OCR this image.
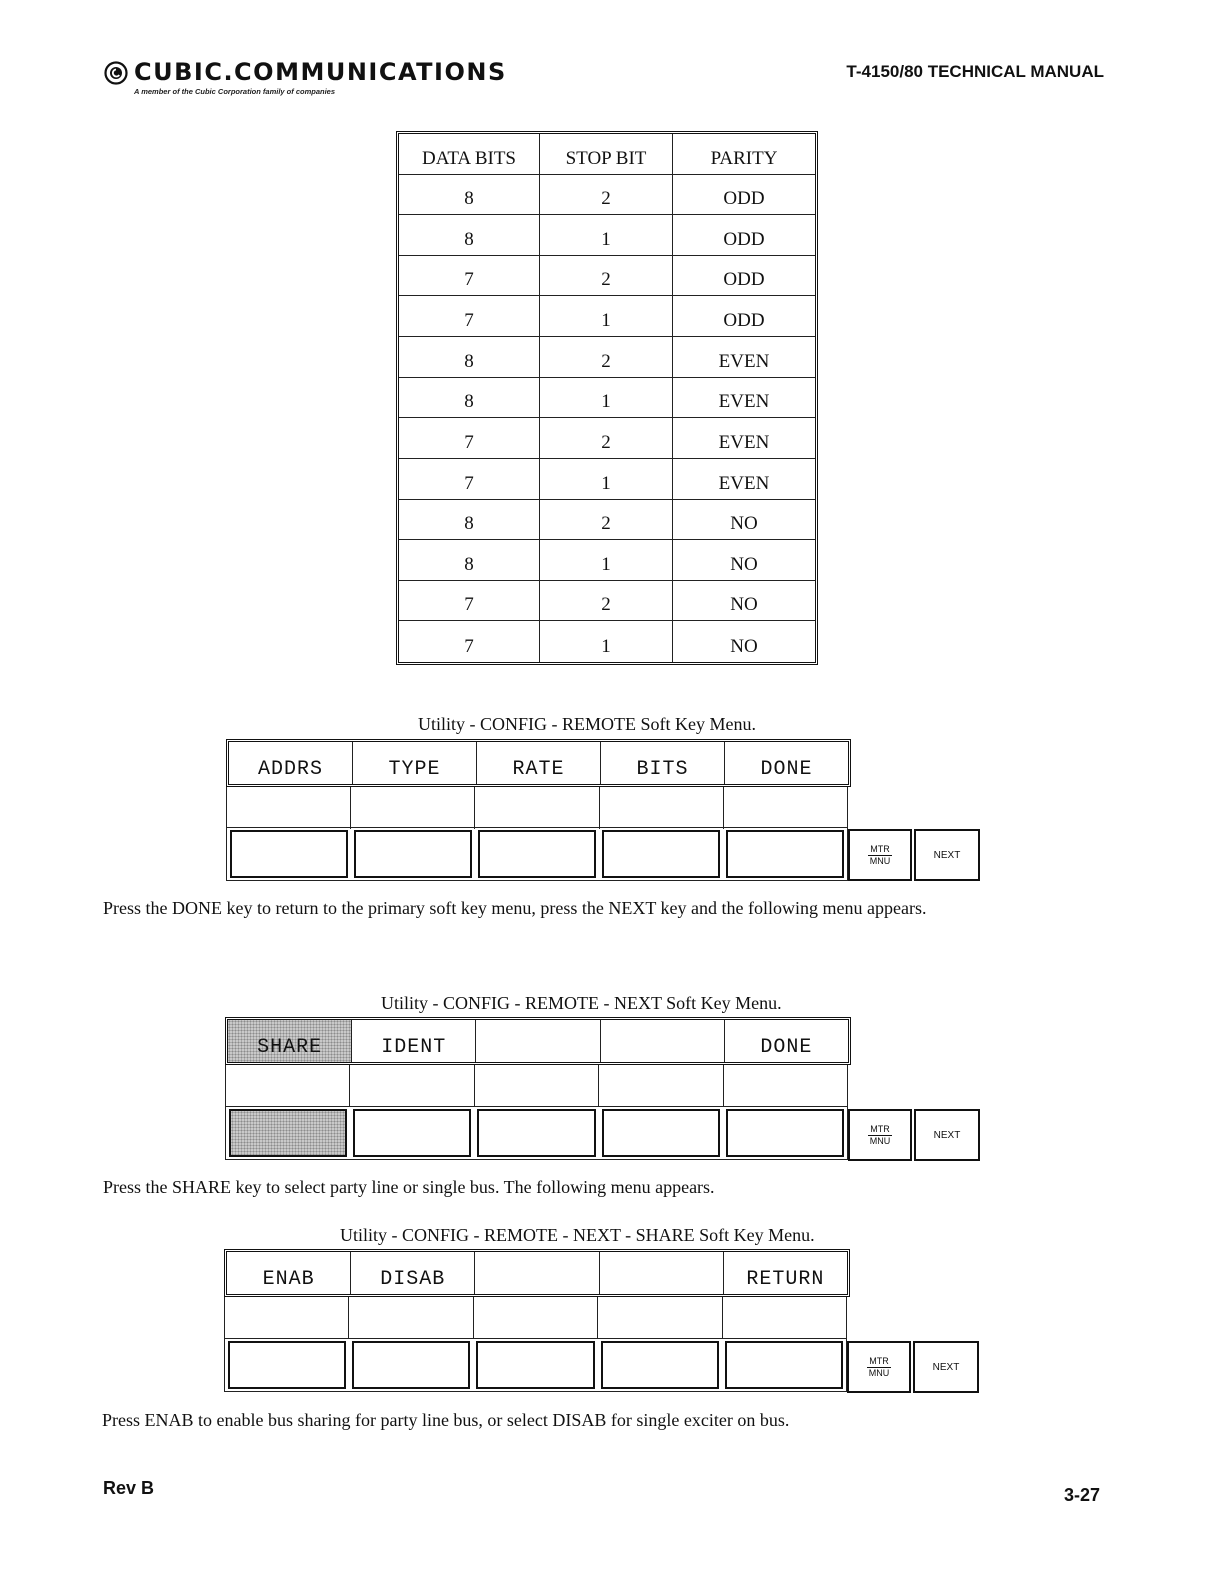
CUBIC.COMMUNICATIONS
A member of the Cubic Corporation family of companies
T-4150/80 TECHNICAL MANUAL
DATA BITS	STOP BIT	PARITY
8	2	ODD
8	1	ODD
7	2	ODD
7	1	ODD
8	2	EVEN
8	1	EVEN
7	2	EVEN
7	1	EVEN
8	2	NO
8	1	NO
7	2	NO
7	1	NO
Utility - CONFIG - REMOTE Soft Key Menu.
ADDRS	TYPE	RATE	BITS	DONE
MTR
MNU	NEXT
Press the DONE key to return to the primary soft key menu, press the NEXT key and the following menu appears.
Utility - CONFIG - REMOTE - NEXT Soft Key Menu.
SHARE	IDENT	DONE
MTR
MNU	NEXT
Press the SHARE key to select party line or single bus. The following menu appears.
Utility - CONFIG - REMOTE - NEXT - SHARE Soft Key Menu.
ENAB	DISAB	RETURN
MTR
MNU	NEXT
Press ENAB to enable bus sharing for party line bus, or select DISAB for single exciter on bus.
Rev B	3-27
